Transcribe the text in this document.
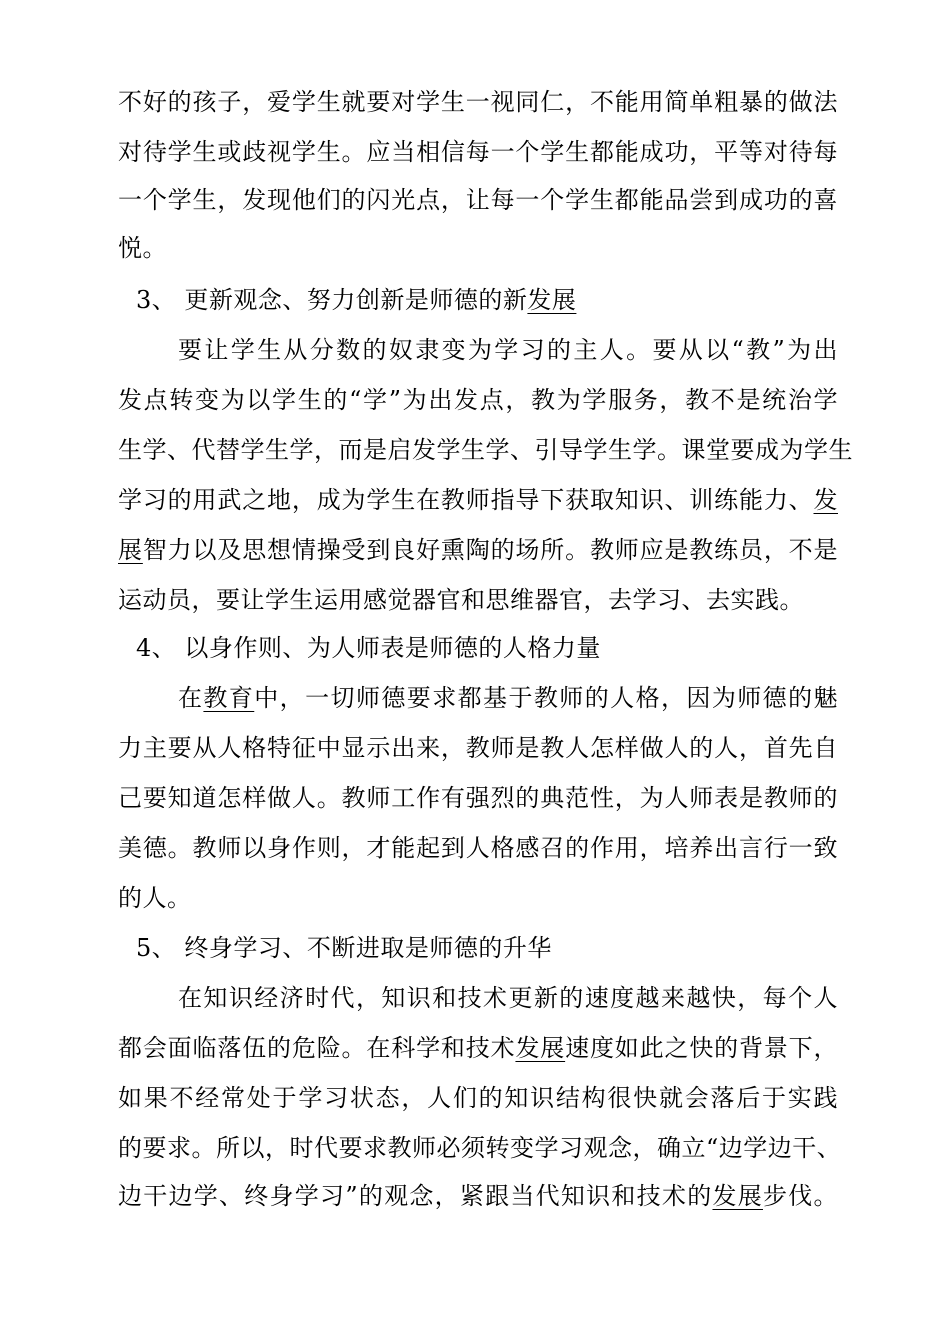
不好的孩子，爱学生就要对学生一视同仁，不能用简单粗暴的做法
对待学生或歧视学生。应当相信每一个学生都能成功，平等对待每
一个学生，发现他们的闪光点，让每一个学生都能品尝到成功的喜
悦。
3、 更新观念、努力创新是师德的新发展
要让学生从分数的奴隶变为学习的主人。要从以“教”为出
发点转变为以学生的“学”为出发点，教为学服务，教不是统治学
生学、代替学生学，而是启发学生学、引导学生学。课堂要成为学生
学习的用武之地，成为学生在教师指导下获取知识、训练能力、发
展智力以及思想情操受到良好熏陶的场所。教师应是教练员，不是
运动员，要让学生运用感觉器官和思维器官，去学习、去实践。
4、 以身作则、为人师表是师德的人格力量
在教育中，一切师德要求都基于教师的人格，因为师德的魅
力主要从人格特征中显示出来，教师是教人怎样做人的人，首先自
己要知道怎样做人。教师工作有强烈的典范性，为人师表是教师的
美德。教师以身作则，才能起到人格感召的作用，培养出言行一致
的人。
5、 终身学习、不断进取是师德的升华
在知识经济时代，知识和技术更新的速度越来越快，每个人
都会面临落伍的危险。在科学和技术发展速度如此之快的背景下，
如果不经常处于学习状态，人们的知识结构很快就会落后于实践
的要求。所以，时代要求教师必须转变学习观念，确立“边学边干、
边干边学、终身学习”的观念，紧跟当代知识和技术的发展步伐。
